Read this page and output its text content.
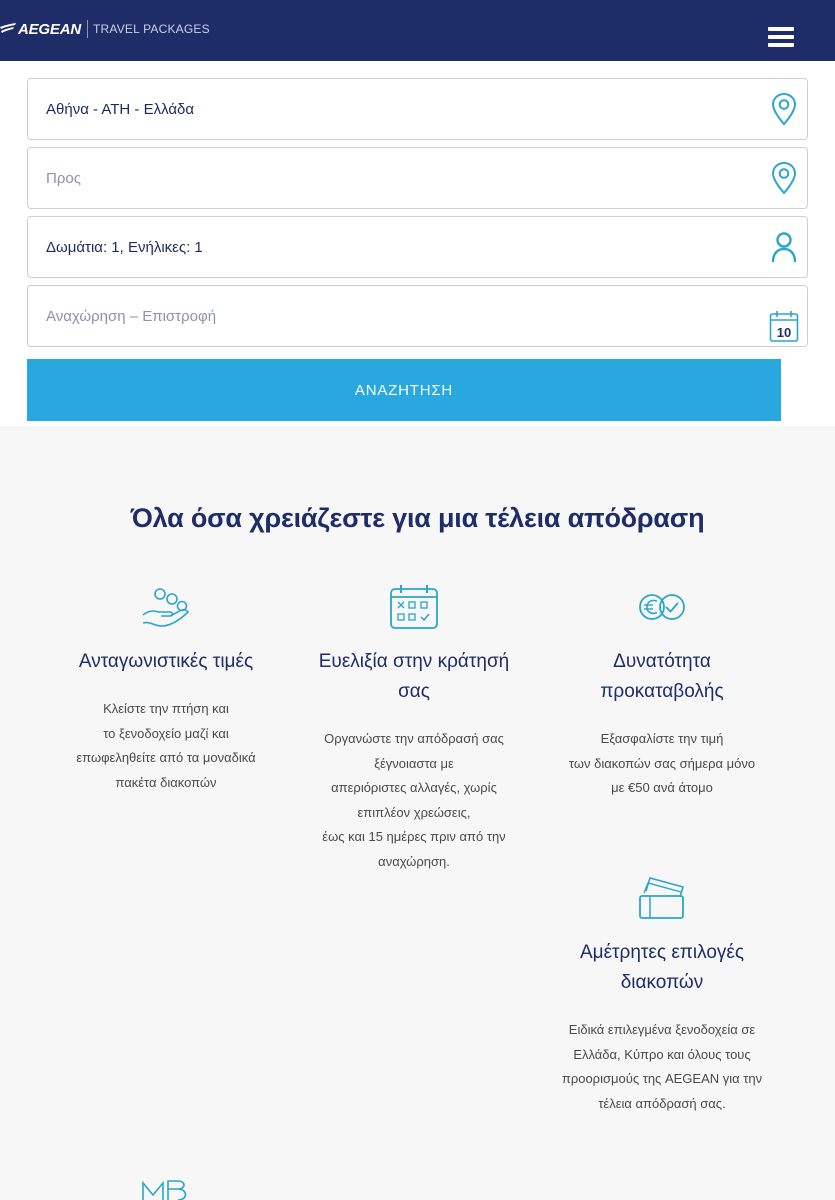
AEGEAN TRAVEL PACKAGES
Αθήνα - ΑΤΗ - Ελλάδα
Προς
Δωμάτια: 1, Ενήλικες: 1
Αναχώρηση – Επιστροφή
10
ΑΝΑΖΗΤΗΣΗ
Όλα όσα χρειάζεστε για μια τέλεια απόδραση
Ανταγωνιστικές τιμές

Κλείστε την πτήση και
το ξενοδοχείο μαζί και
επωφεληθείτε από τα μοναδικά
πακέτα διακοπών

Ευελιξία στην κράτησή
σας

Οργανώστε την απόδρασή σας
ξέγνοιαστα με
απεριόριστες αλλαγές, χωρίς
επιπλέον χρεώσεις,
έως και 15 ημέρες πριν από την
αναχώρηση.

Δυνατότητα
προκαταβολής

Εξασφαλίστε την τιμή
των διακοπών σας σήμερα μόνο
με €50 ανά άτομο

Αμέτρητες επιλογές
διακοπών

Ειδικά επιλεγμένα ξενοδοχεία σε
Ελλάδα, Κύπρο και όλους τους
προορισμούς της AEGEAN για την
τέλεια απόδρασή σας.
